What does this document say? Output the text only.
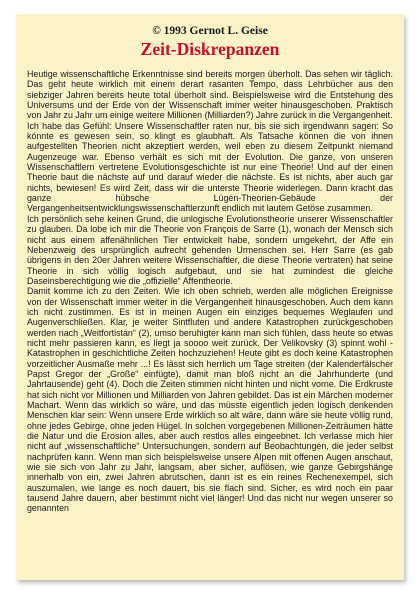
© 1993 Gernot L. Geise
Zeit-Diskrepanzen

Heutige wissenschaftliche Erkenntnisse sind bereits morgen überholt. Das sehen wir täglich. Das geht heute wirklich mit einem derart rasanten Tempo, dass Lehrbücher aus den siebziger Jahren bereits heute total überholt sind. Beispielsweise wird die Entstehung des Universums und der Erde von der Wissenschaft immer weiter hinausgeschoben. Praktisch von Jahr zu Jahr um einige weitere Millionen (Milliarden?) Jahre zurück in die Vergangenheit.

Ich habe das Gefühl: Unsere Wissenschaftler raten nur, bis sie sich irgendwann sagen: So könnte es gewesen sein, so klingt es glaubhaft. Als Tatsache können die von ihnen aufgestellten Theorien nicht akzeptiert werden, weil eben zu diesem Zeitpunkt niemand Augenzeuge war. Ebenso verhält es sich mit der Evolution. Die ganze, von unseren Wissenschaftlern vertretene Evolutionsgeschichte ist nur eine Theorie! Und auf der einen Theorie baut die nächste auf und darauf wieder die nächste. Es ist nichts, aber auch gar nichts, bewiesen! Es wird Zeit, dass wir die unterste Theorie widerlegen. Dann kracht das ganze hübsche Lügen-Theorien-Gebäude der Vergangenheitsentwicklungswissenschaftlerzunft endlich mit lautem Getöse zusammen.

Ich persönlich sehe keinen Grund, die unlogische Evolutionstheorie unserer Wissenschaftler zu glauben. Da lobe ich mir die Theorie von François de Sarre (1), wonach der Mensch sich nicht aus einem affenähnlichen Tier entwickelt habe, sondern umgekehrt, der Affe ein Nebenzweig des ursprünglich aufrecht gehenden Urmenschen sei. Herr Sarre (es gab übrigens in den 20er Jahren weitere Wissenschaftler, die diese Theorie vertraten) hat seine Theorie in sich völlig logisch aufgebaut, und sie hat zumindest die gleiche Daseinsberechtigung wie die „offizielle“ Affentheorie.

Damit komme ich zu den Zeiten. Wie ich oben schrieb, werden alle möglichen Ereignisse von der Wissenschaft immer weiter in die Vergangenheit hinausgeschoben. Auch dem kann ich nicht zustimmen. Es ist in meinen Augen ein einziges bequemes Weglaufen und Augenverschließen. Klar, je weiter Sintfluten und andere Katastrophen zurückgeschoben werden nach „Weitfortistan“ (2), umso beruhigter kann man sich fühlen, dass heute so etwas nicht mehr passieren kann, es liegt ja soooo weit zurück. Der Velikovsky (3) spinnt wohl - Katastrophen in geschichtliche Zeiten hochzuziehen! Heute gibt es doch keine Katastrophen vorzeitlicher Ausmaße mehr ...! Es lässt sich herrlich um Tage streiten (der Kalenderfälscher Papst Gregor der „Große“ einfügte), damit man bloß nicht an die Jahrhunderte (und Jahrtausende) geht (4). Doch die Zeiten stimmen nicht hinten und nicht vorne. Die Erdkruste hat sich nicht vor Millionen und Milliarden von Jahren gebildet. Das ist ein Märchen moderner Machart. Wenn das wirklich so wäre, und das müsste eigentlich jeden logisch denkenden Menschen klar sein: Wenn unsere Erde wirklich so alt wäre, dann wäre sie heute völlig rund, ohne jedes Gebirge, ohne jeden Hügel. In solchen vorgegebenen Millionen-Zeiträumen hätte die Natur und die Erosion alles, aber auch restlos alles eingeebnet. Ich verlasse mich hier nicht auf „wissenschaftliche“ Untersuchungen, sondern auf Beobachtungen, die jeder selbst nachprüfen kann. Wenn man sich beispielsweise unsere Alpen mit offenen Augen anschaut, wie sie sich von Jahr zu Jahr, langsam, aber sicher, auflösen, wie ganze Gebirgshänge innerhalb von ein, zwei Jahren abrutschen, dann ist es ein reines Rechenexempel, sich auszumalen, wie lange es noch dauert, bis sie flach sind. Sicher, es wird noch ein paar tausend Jahre dauern, aber bestimmt nicht viel länger! Und das nicht nur wegen unserer so genannten
